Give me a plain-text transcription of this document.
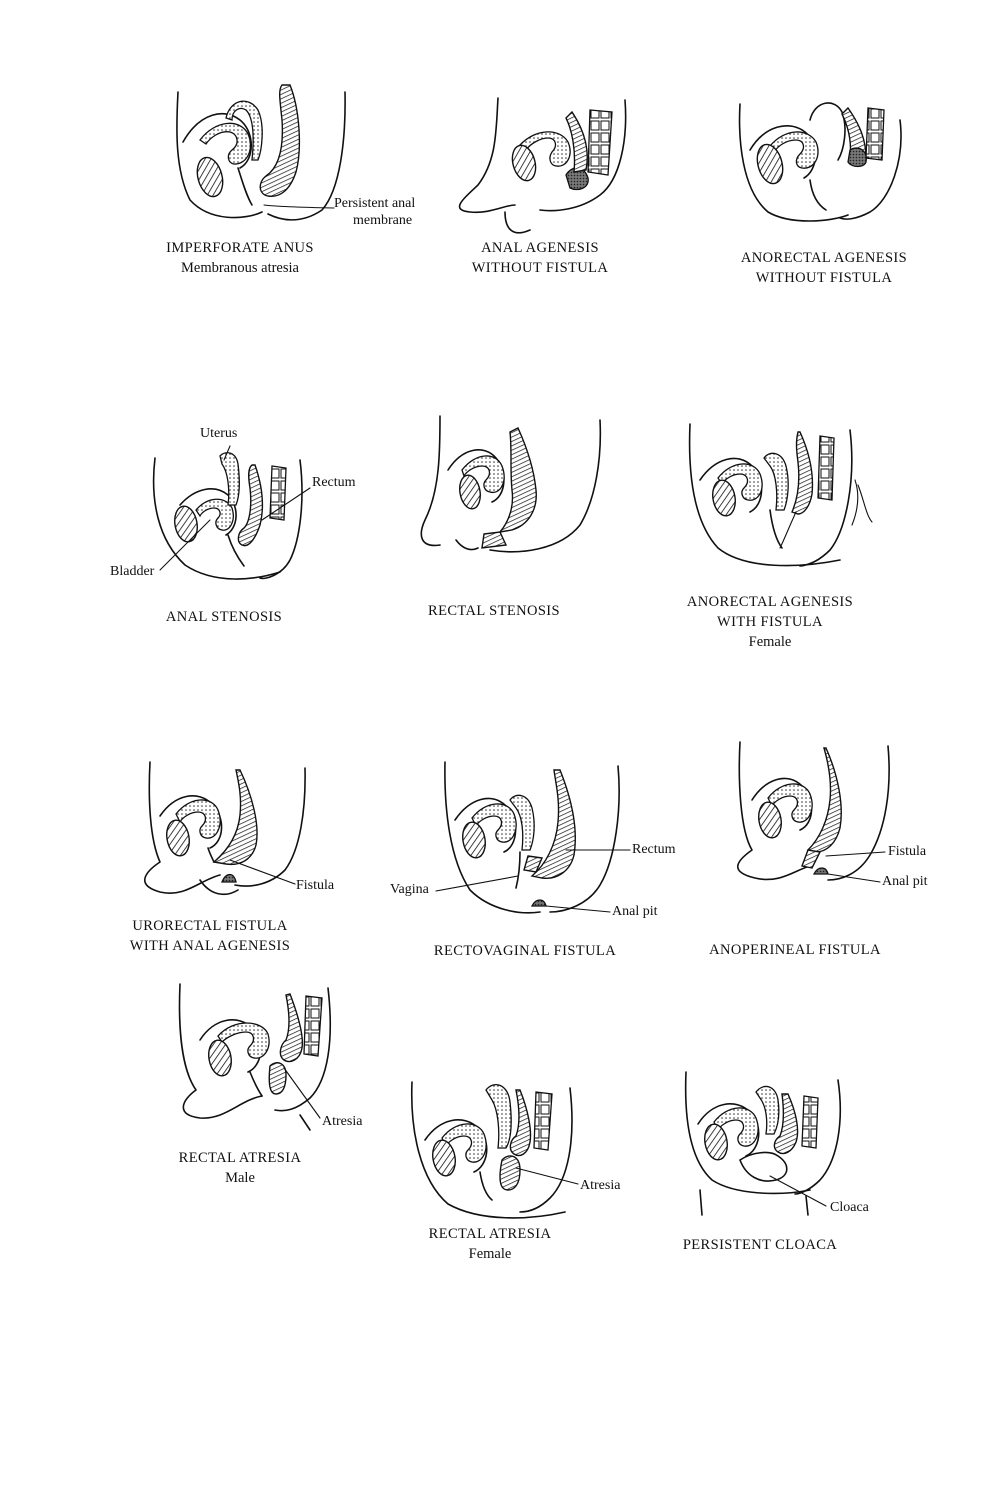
IMPERFORATE ANUS
Membranous atresia
Persistent anal
membrane
ANAL AGENESIS
WITHOUT FISTULA
ANORECTAL AGENESIS
WITHOUT FISTULA
ANAL STENOSIS
Uterus
Rectum
Bladder
RECTAL STENOSIS
ANORECTAL AGENESIS
WITH FISTULA
Female
URORECTAL FISTULA
WITH ANAL AGENESIS
Fistula
RECTOVAGINAL FISTULA
Rectum
Vagina
Anal pit
ANOPERINEAL FISTULA
Fistula
Anal pit
RECTAL ATRESIA
Male
Atresia
RECTAL ATRESIA
Female
Atresia
PERSISTENT CLOACA
Cloaca
